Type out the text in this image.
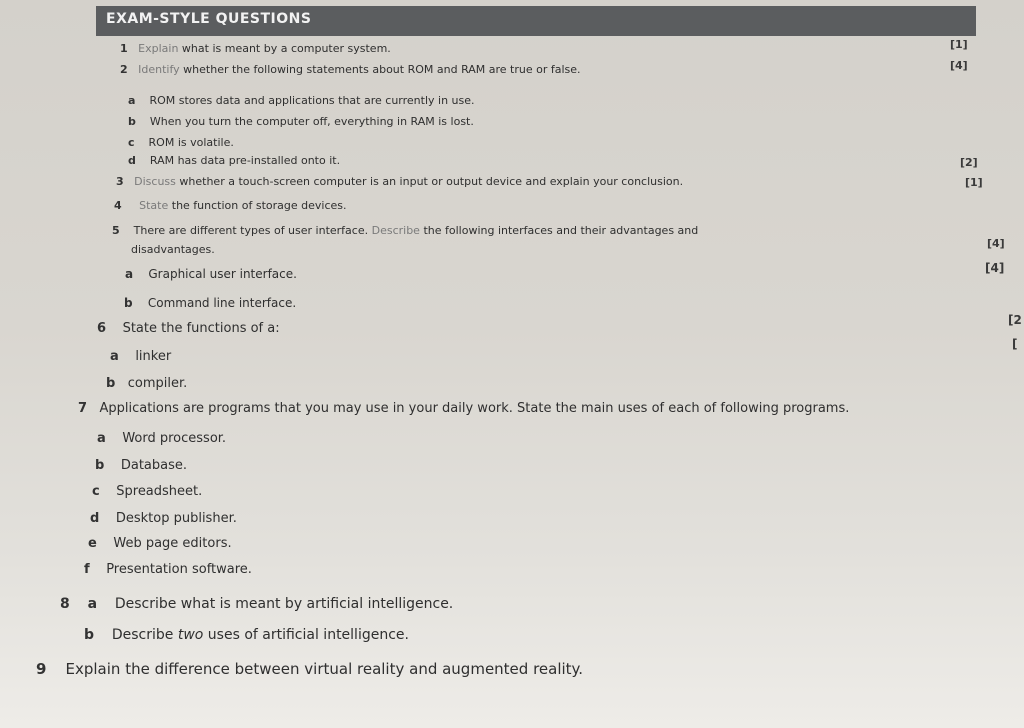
EXAM-STYLE QUESTIONS
1 Explain what is meant by a computer system.	[1]
2 Identify whether the following statements about ROM and RAM are true or false.	[4]
a ROM stores data and applications that are currently in use.
b When you turn the computer off, everything in RAM is lost.
c ROM is volatile.
d RAM has data pre-installed onto it.
3 Discuss whether a touch-screen computer is an input or output device and explain your conclusion.
[2]
4 State the function of storage devices.
[1]
5 There are different types of user interface. Describe the following interfaces and their advantages and
disadvantages.	[4]
a Graphical user interface.	[4]
b Command line interface.
6 State the functions of a:
[2
a linker
[
b compiler.
7 Applications are programs that you may use in your daily work. State the main uses of each of following programs.
a Word processor.
b Database.
c Spreadsheet.
d Desktop publisher.
e Web page editors.
f Presentation software.
8 a Describe what is meant by artificial intelligence.
b Describe two uses of artificial intelligence.
9 Explain the difference between virtual reality and augmented reality.
